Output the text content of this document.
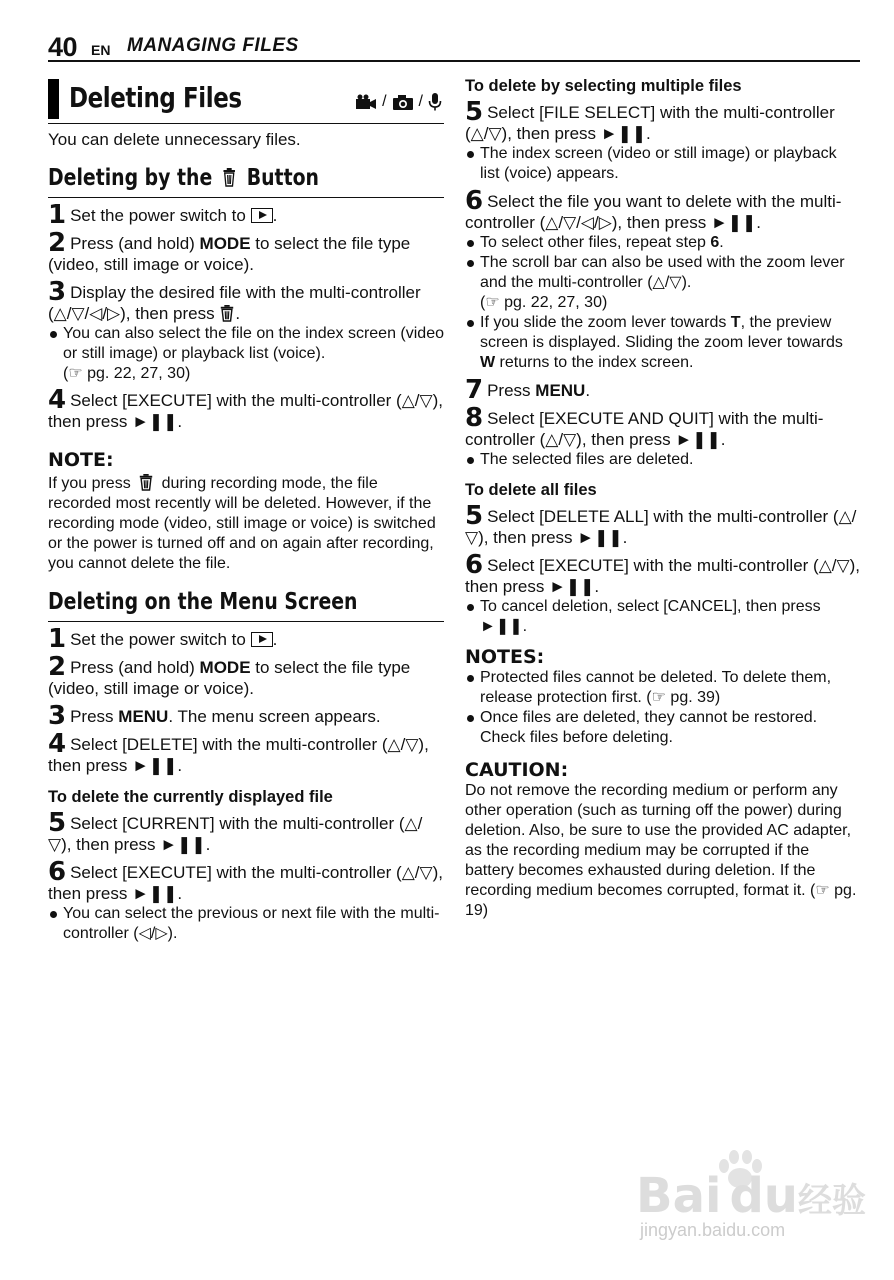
40 EN MANAGING FILES
Deleting Files	/ /
You can delete unnecessary files.
Deleting by the Button
1 Set the power switch to .
2 Press (and hold) MODE to select the file type (video, still image or voice).
3 Display the desired file with the multi-controller (△/▽/◁/▷), then press .
You can also select the file on the index screen (video or still image) or playback list (voice).
(☞ pg. 22, 27, 30)
4 Select [EXECUTE] with the multi-controller (△/▽), then press ►❚❚.
NOTE:
If you press during recording mode, the file recorded most recently will be deleted. However, if the recording mode (video, still image or voice) is switched or the power is turned off and on again after recording, you cannot delete the file.
Deleting on the Menu Screen
1 Set the power switch to .
2 Press (and hold) MODE to select the file type (video, still image or voice).
3 Press MENU. The menu screen appears.
4 Select [DELETE] with the multi-controller (△/▽), then press ►❚❚.
To delete the currently displayed file
5 Select [CURRENT] with the multi-controller (△/▽), then press ►❚❚.
6 Select [EXECUTE] with the multi-controller (△/▽), then press ►❚❚.
You can select the previous or next file with the multi-controller (◁/▷).
To delete by selecting multiple files
5 Select [FILE SELECT] with the multi-controller (△/▽), then press ►❚❚.
The index screen (video or still image) or playback list (voice) appears.
6 Select the file you want to delete with the multi-controller (△/▽/◁/▷), then press ►❚❚.
To select other files, repeat step 6.
The scroll bar can also be used with the zoom lever and the multi-controller (△/▽).
(☞ pg. 22, 27, 30)
If you slide the zoom lever towards T, the preview screen is displayed. Sliding the zoom lever towards W returns to the index screen.
7 Press MENU.
8 Select [EXECUTE AND QUIT] with the multi-controller (△/▽), then press ►❚❚.
The selected files are deleted.
To delete all files
5 Select [DELETE ALL] with the multi-controller (△/▽), then press ►❚❚.
6 Select [EXECUTE] with the multi-controller (△/▽), then press ►❚❚.
To cancel deletion, select [CANCEL], then press ►❚❚.
NOTES:
Protected files cannot be deleted. To delete them, release protection first. (☞ pg. 39)
Once files are deleted, they cannot be restored. Check files before deleting.
CAUTION:
Do not remove the recording medium or perform any other operation (such as turning off the power) during deletion. Also, be sure to use the provided AC adapter, as the recording medium may be corrupted if the battery becomes exhausted during deletion. If the recording medium becomes corrupted, format it. (☞ pg. 19)
Bai du经验
jingyan.baidu.com
